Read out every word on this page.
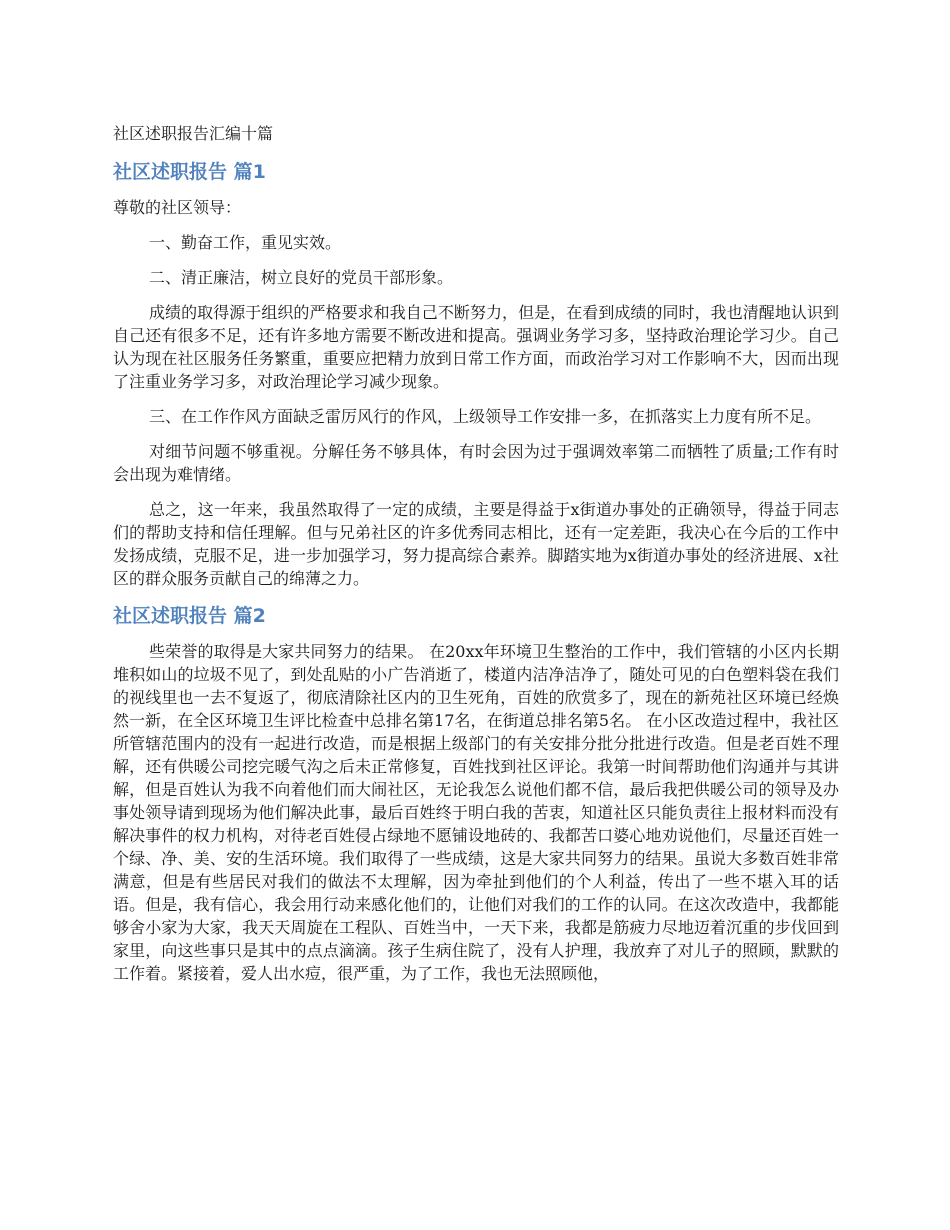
社区述职报告汇编十篇
社区述职报告 篇1

尊敬的社区领导：

一、勤奋工作，重见实效。

二、清正廉洁，树立良好的党员干部形象。

成绩的取得源于组织的严格要求和我自己不断努力，但是，在看到成绩的同时，我也清醒地认识到自己还有很多不足，还有许多地方需要不断改进和提高。强调业务学习多，坚持政治理论学习少。自己认为现在社区服务任务繁重，重要应把精力放到日常工作方面，而政治学习对工作影响不大，因而出现了注重业务学习多，对政治理论学习减少现象。

三、在工作作风方面缺乏雷厉风行的作风，上级领导工作安排一多，在抓落实上力度有所不足。

对细节问题不够重视。分解任务不够具体，有时会因为过于强调效率第二而牺牲了质量;工作有时会出现为难情绪。

总之，这一年来，我虽然取得了一定的成绩，主要是得益于x街道办事处的正确领导，得益于同志们的帮助支持和信任理解。但与兄弟社区的许多优秀同志相比，还有一定差距，我决心在今后的工作中发扬成绩，克服不足，进一步加强学习，努力提高综合素养。脚踏实地为x街道办事处的经济进展、x社区的群众服务贡献自己的绵薄之力。

社区述职报告 篇2

些荣誉的取得是大家共同努力的结果。 在20xx年环境卫生整治的工作中，我们管辖的小区内长期堆积如山的垃圾不见了，到处乱贴的小广告消逝了，楼道内洁净洁净了，随处可见的白色塑料袋在我们的视线里也一去不复返了，彻底清除社区内的卫生死角，百姓的欣赏多了，现在的新苑社区环境已经焕然一新，在全区环境卫生评比检查中总排名第17名，在街道总排名第5名。 在小区改造过程中，我社区所管辖范围内的没有一起进行改造，而是根据上级部门的有关安排分批分批进行改造。但是老百姓不理解，还有供暖公司挖完暖气沟之后未正常修复，百姓找到社区评论。我第一时间帮助他们沟通并与其讲解，但是百姓认为我不向着他们而大闹社区，无论我怎么说他们都不信，最后我把供暖公司的领导及办事处领导请到现场为他们解决此事，最后百姓终于明白我的苦衷，知道社区只能负责往上报材料而没有解决事件的权力机构，对待老百姓侵占绿地不愿铺设地砖的、我都苦口婆心地劝说他们，尽量还百姓一个绿、净、美、安的生活环境。我们取得了一些成绩，这是大家共同努力的结果。虽说大多数百姓非常满意，但是有些居民对我们的做法不太理解，因为牵扯到他们的个人利益，传出了一些不堪入耳的话语。但是，我有信心，我会用行动来感化他们的，让他们对我们的工作的认同。在这次改造中，我都能够舍小家为大家，我天天周旋在工程队、百姓当中，一天下来，我都是筋疲力尽地迈着沉重的步伐回到家里，向这些事只是其中的点点滴滴。孩子生病住院了，没有人护理，我放弃了对儿子的照顾，默默的工作着。紧接着，爱人出水痘，很严重，为了工作，我也无法照顾他，
